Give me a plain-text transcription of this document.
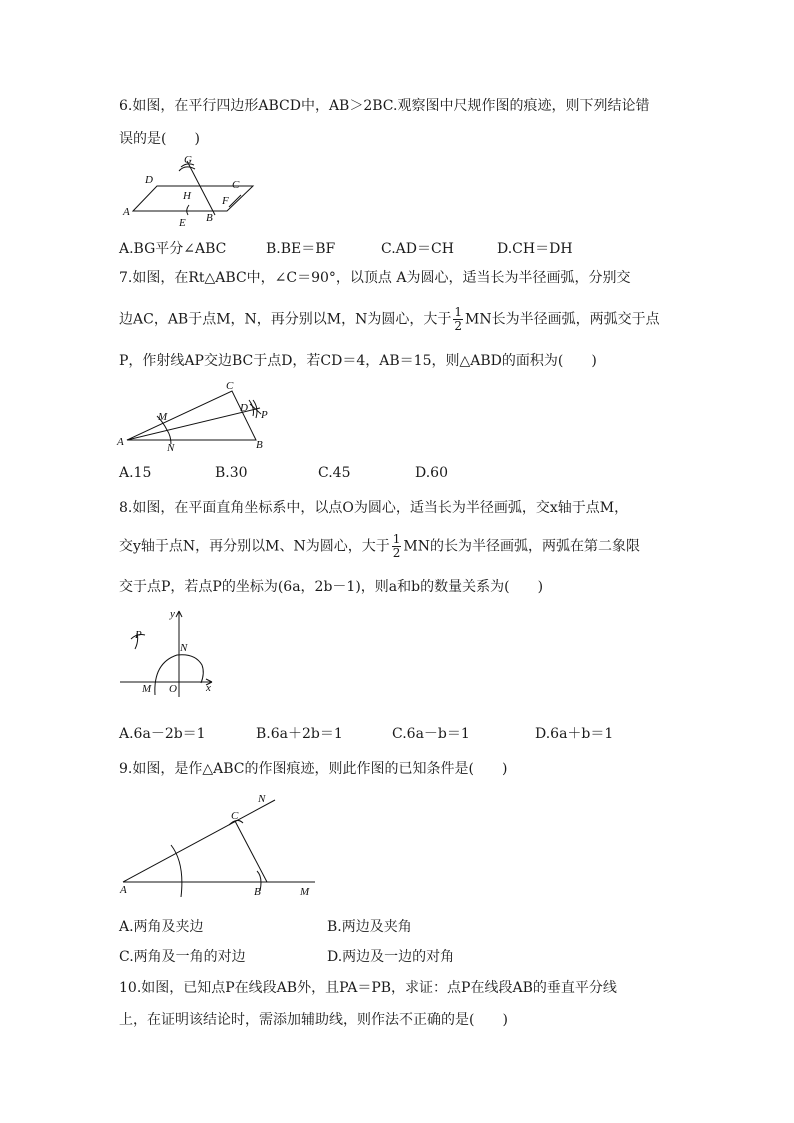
6.如图，在平行四边形ABCD中，AB＞2BC.观察图中尺规作图的痕迹，则下列结论错
误的是(　　)
A
D	C
B
E
F
G
H
A.BG平分∠ABC	B.BE＝BF	C.AD＝CH	D.CH＝DH
7.如图，在Rt△ABC中，∠C＝90°，以顶点 A为圆心，适当长为半径画弧，分别交
边AC，AB于点M，N，再分别以M，N为圆心，大于 $\frac{1}{2}$ MN长为半径画弧，两弧交于点
P，作射线AP交边BC于点D，若CD＝4，AB＝15，则△ABD的面积为(　　)
A
C
B
D
P
M
N
A.15	B.30	C.45	D.60
8.如图，在平面直角坐标系中，以点O为圆心，适当长为半径画弧，交x轴于点M，
交y轴于点N，再分别以M、N为圆心，大于 $\frac{1}{2}$ MN的长为半径画弧，两弧在第二象限
交于点P，若点P的坐标为(6a，2b－1)，则a和b的数量关系为(　　)
y
x
O
M
N
P
A.6a－2b＝1	B.6a＋2b＝1	C.6a－b＝1	D.6a＋b＝1
9.如图，是作△ABC的作图痕迹，则此作图的已知条件是(　　)
A	B
C
M
N
A.两角及夹边	B.两边及夹角
C.两角及一角的对边	D.两边及一边的对角
10.如图，已知点P在线段AB外，且PA＝PB，求证：点P在线段AB的垂直平分线
上，在证明该结论时，需添加辅助线，则作法不正确的是(　　)
